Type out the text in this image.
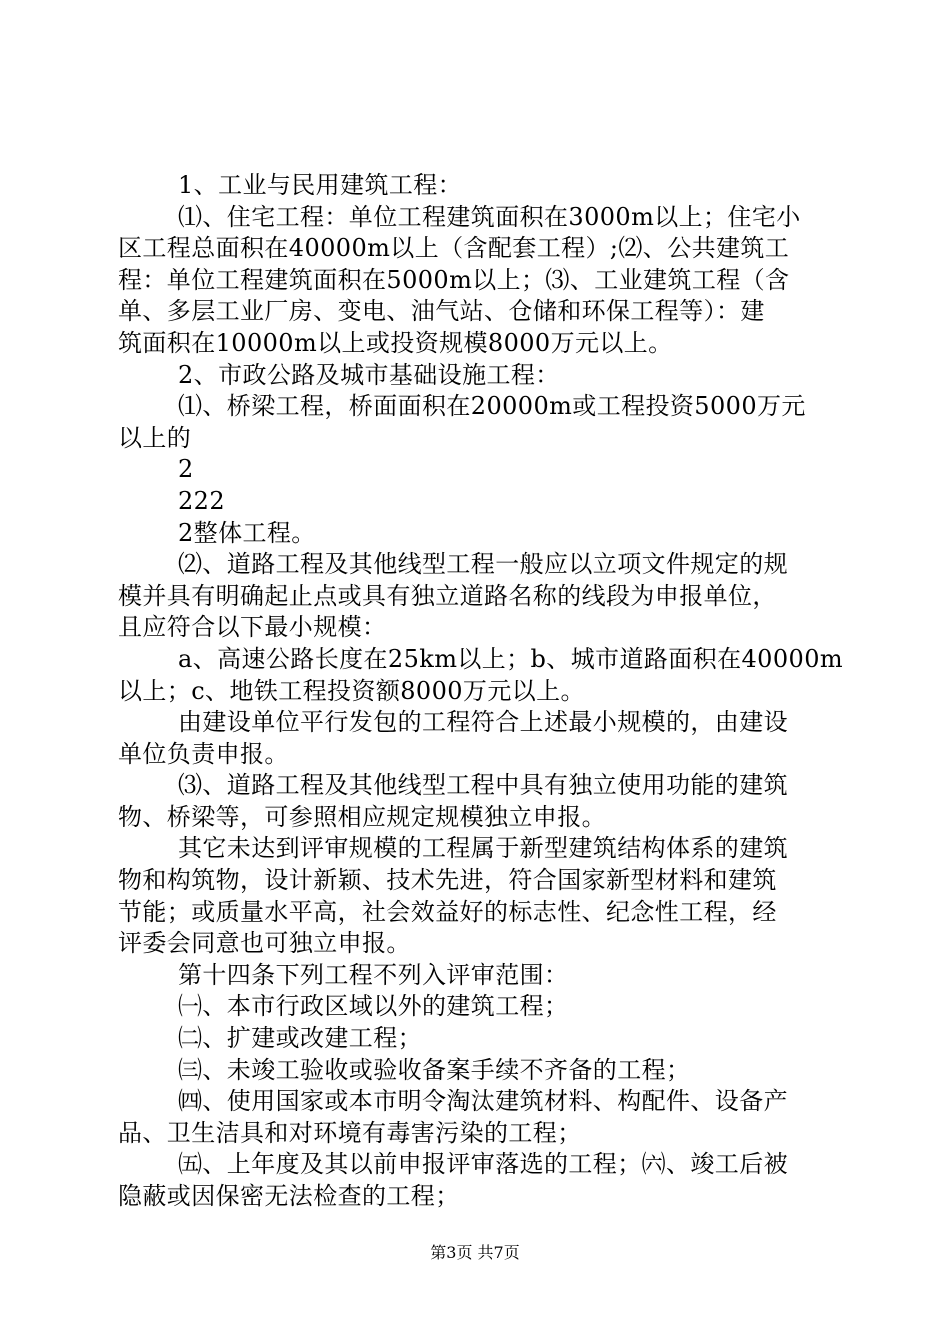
1、工业与民用建筑工程：
⑴、住宅工程：单位工程建筑面积在3000m以上；住宅小
区工程总面积在40000m以上（含配套工程）;⑵、公共建筑工
程：单位工程建筑面积在5000m以上；⑶、工业建筑工程（含
单、多层工业厂房、变电、油气站、仓储和环保工程等）：建
筑面积在10000m以上或投资规模8000万元以上。
2、市政公路及城市基础设施工程：
⑴、桥梁工程，桥面面积在20000m或工程投资5000万元
以上的
2
222
2整体工程。
⑵、道路工程及其他线型工程一般应以立项文件规定的规
模并具有明确起止点或具有独立道路名称的线段为申报单位，
且应符合以下最小规模：
a、高速公路长度在25km以上；b、城市道路面积在40000m
以上；c、地铁工程投资额8000万元以上。
由建设单位平行发包的工程符合上述最小规模的，由建设
单位负责申报。
⑶、道路工程及其他线型工程中具有独立使用功能的建筑
物、桥梁等，可参照相应规定规模独立申报。
其它未达到评审规模的工程属于新型建筑结构体系的建筑
物和构筑物，设计新颖、技术先进，符合国家新型材料和建筑
节能；或质量水平高，社会效益好的标志性、纪念性工程，经
评委会同意也可独立申报。
第十四条下列工程不列入评审范围：
㈠、本市行政区域以外的建筑工程；
㈡、扩建或改建工程；
㈢、未竣工验收或验收备案手续不齐备的工程；
㈣、使用国家或本市明令淘汰建筑材料、构配件、设备产
品、卫生洁具和对环境有毒害污染的工程；
㈤、上年度及其以前申报评审落选的工程；㈥、竣工后被
隐蔽或因保密无法检查的工程；
第3页 共7页
